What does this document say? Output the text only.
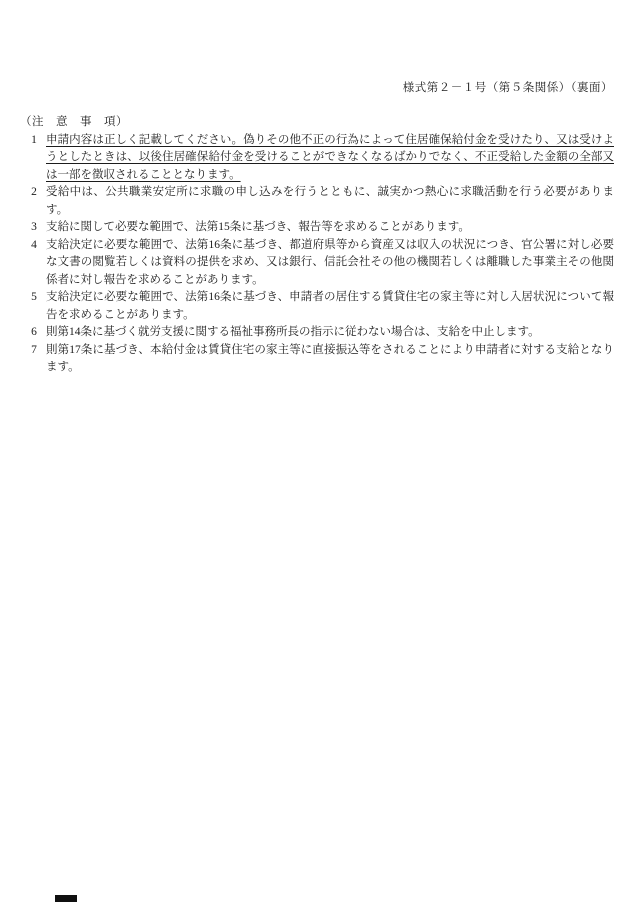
様式第２－１号（第５条関係）（裏面）
（注　意　事　項）
1 申請内容は正しく記載してください。偽りその他不正の行為によって住居確保給付金を受けたり、又は受けようとしたときは、以後住居確保給付金を受けることができなくなるばかりでなく、不正受給した金額の全部又は一部を徴収されることとなります。
2 受給中は、公共職業安定所に求職の申し込みを行うとともに、誠実かつ熱心に求職活動を行う必要があります。
3 支給に関して必要な範囲で、法第15条に基づき、報告等を求めることがあります。
4 支給決定に必要な範囲で、法第16条に基づき、都道府県等から資産又は収入の状況につき、官公署に対し必要な文書の閲覧若しくは資料の提供を求め、又は銀行、信託会社その他の機関若しくは離職した事業主その他関係者に対し報告を求めることがあります。
5 支給決定に必要な範囲で、法第16条に基づき、申請者の居住する賃貸住宅の家主等に対し入居状況について報告を求めることがあります。
6 則第14条に基づく就労支援に関する福祉事務所長の指示に従わない場合は、支給を中止します。
7 則第17条に基づき、本給付金は賃貸住宅の家主等に直接振込等をされることにより申請者に対する支給となります。
